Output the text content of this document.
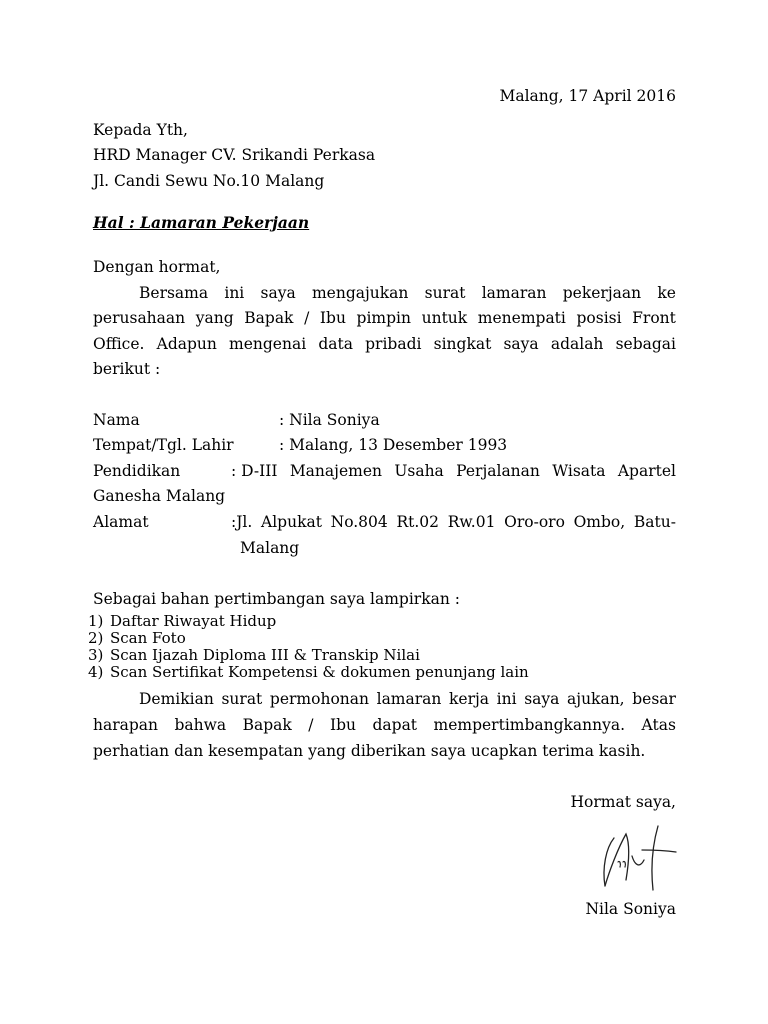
Malang, 17 April 2016
Kepada Yth,
HRD Manager CV. Srikandi Perkasa
Jl. Candi Sewu No.10 Malang
Hal : Lamaran Pekerjaan
Dengan hormat,
Bersama ini saya mengajukan surat lamaran pekerjaan ke
perusahaan yang Bapak / Ibu pimpin untuk menempati posisi Front
Office. Adapun mengenai data pribadi singkat saya adalah sebagai
berikut :
Nama	: Nila Soniya
Tempat/Tgl. Lahir	: Malang, 13 Desember 1993
Pendidikan	: D-III Manajemen Usaha Perjalanan Wisata Apartel
Ganesha Malang
Alamat	:Jl. Alpukat No.804 Rt.02 Rw.01 Oro-oro Ombo, Batu-
Malang
Sebagai bahan pertimbangan saya lampirkan :
1) Daftar Riwayat Hidup
2) Scan Foto
3) Scan Ijazah Diploma III & Transkip Nilai
4) Scan Sertifikat Kompetensi & dokumen penunjang lain
Demikian surat permohonan lamaran kerja ini saya ajukan, besar
harapan bahwa Bapak / Ibu dapat mempertimbangkannya. Atas
perhatian dan kesempatan yang diberikan saya ucapkan terima kasih.
Hormat saya,
Nila Soniya
